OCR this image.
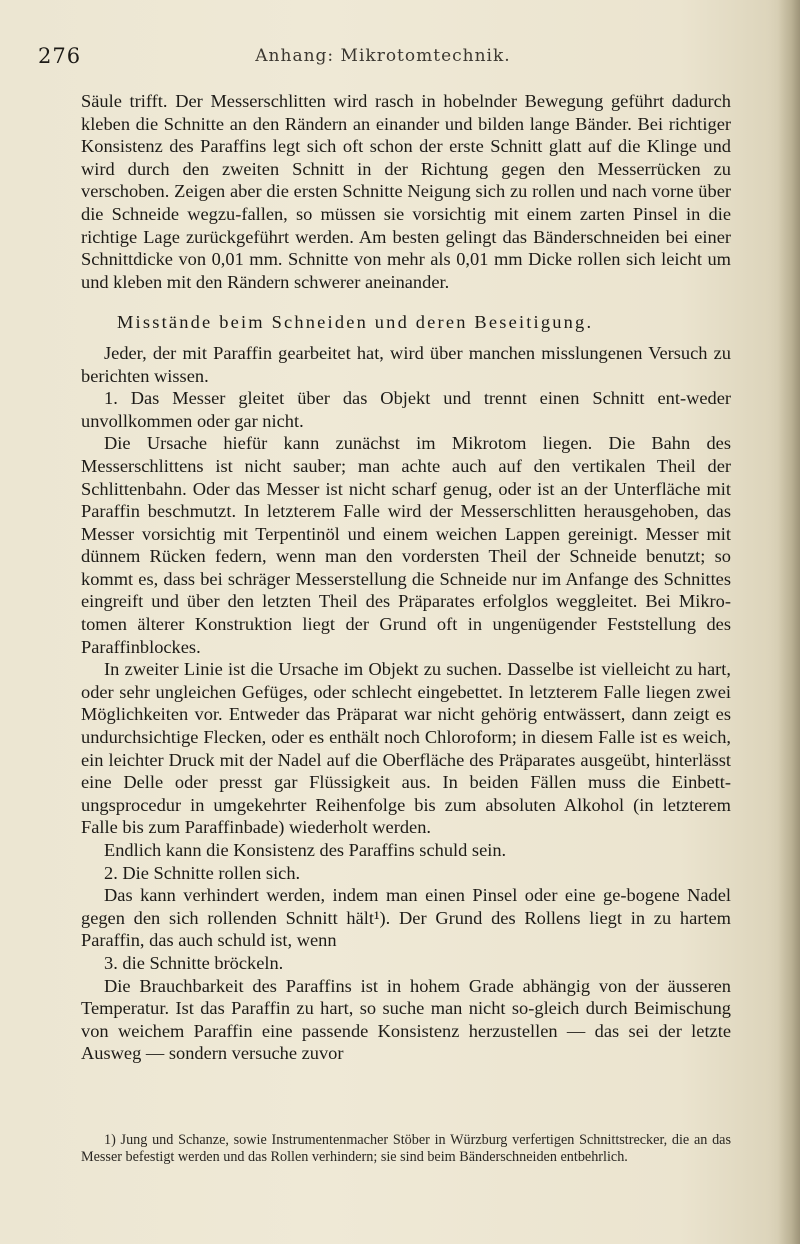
276	Anhang: Mikrotomtechnik.

Säule trifft. Der Messerschlitten wird rasch in hobelnder Bewegung geführt dadurch kleben die Schnitte an den Rändern an einander und bilden lange Bänder. Bei richtiger Konsistenz des Paraffins legt sich oft schon der erste Schnitt glatt auf die Klinge und wird durch den zweiten Schnitt in der Richtung gegen den Messerrücken zu verschoben. Zeigen aber die ersten Schnitte Neigung sich zu rollen und nach vorne über die Schneide wegzu-fallen, so müssen sie vorsichtig mit einem zarten Pinsel in die richtige Lage zurückgeführt werden. Am besten gelingt das Bänderschneiden bei einer Schnittdicke von 0,01 mm. Schnitte von mehr als 0,01 mm Dicke rollen sich leicht um und kleben mit den Rändern schwerer aneinander.

Misstände beim Schneiden und deren Beseitigung.

Jeder, der mit Paraffin gearbeitet hat, wird über manchen misslungenen Versuch zu berichten wissen.

1. Das Messer gleitet über das Objekt und trennt einen Schnitt ent-weder unvollkommen oder gar nicht.

Die Ursache hiefür kann zunächst im Mikrotom liegen. Die Bahn des Messerschlittens ist nicht sauber; man achte auch auf den vertikalen Theil der Schlittenbahn. Oder das Messer ist nicht scharf genug, oder ist an der Unterfläche mit Paraffin beschmutzt. In letzterem Falle wird der Messerschlitten herausgehoben, das Messer vorsichtig mit Terpentinöl und einem weichen Lappen gereinigt. Messer mit dünnem Rücken federn, wenn man den vordersten Theil der Schneide benutzt; so kommt es, dass bei schräger Messerstellung die Schneide nur im Anfange des Schnittes eingreift und über den letzten Theil des Präparates erfolglos weggleitet. Bei Mikro-tomen älterer Konstruktion liegt der Grund oft in ungenügender Feststellung des Paraffinblockes.

In zweiter Linie ist die Ursache im Objekt zu suchen. Dasselbe ist vielleicht zu hart, oder sehr ungleichen Gefüges, oder schlecht eingebettet. In letzterem Falle liegen zwei Möglichkeiten vor. Entweder das Präparat war nicht gehörig entwässert, dann zeigt es undurchsichtige Flecken, oder es enthält noch Chloroform; in diesem Falle ist es weich, ein leichter Druck mit der Nadel auf die Oberfläche des Präparates ausgeübt, hinterlässt eine Delle oder presst gar Flüssigkeit aus. In beiden Fällen muss die Einbett-ungsprocedur in umgekehrter Reihenfolge bis zum absoluten Alkohol (in letzterem Falle bis zum Paraffinbade) wiederholt werden.

Endlich kann die Konsistenz des Paraffins schuld sein.

2. Die Schnitte rollen sich.

Das kann verhindert werden, indem man einen Pinsel oder eine ge-bogene Nadel gegen den sich rollenden Schnitt hält¹). Der Grund des Rollens liegt in zu hartem Paraffin, das auch schuld ist, wenn

3. die Schnitte bröckeln.

Die Brauchbarkeit des Paraffins ist in hohem Grade abhängig von der äusseren Temperatur. Ist das Paraffin zu hart, so suche man nicht so-gleich durch Beimischung von weichem Paraffin eine passende Konsistenz herzustellen — das sei der letzte Ausweg — sondern versuche zuvor

1) Jung und Schanze, sowie Instrumentenmacher Stöber in Würzburg verfertigen Schnittstrecker, die an das Messer befestigt werden und das Rollen verhindern; sie sind beim Bänderschneiden entbehrlich.
